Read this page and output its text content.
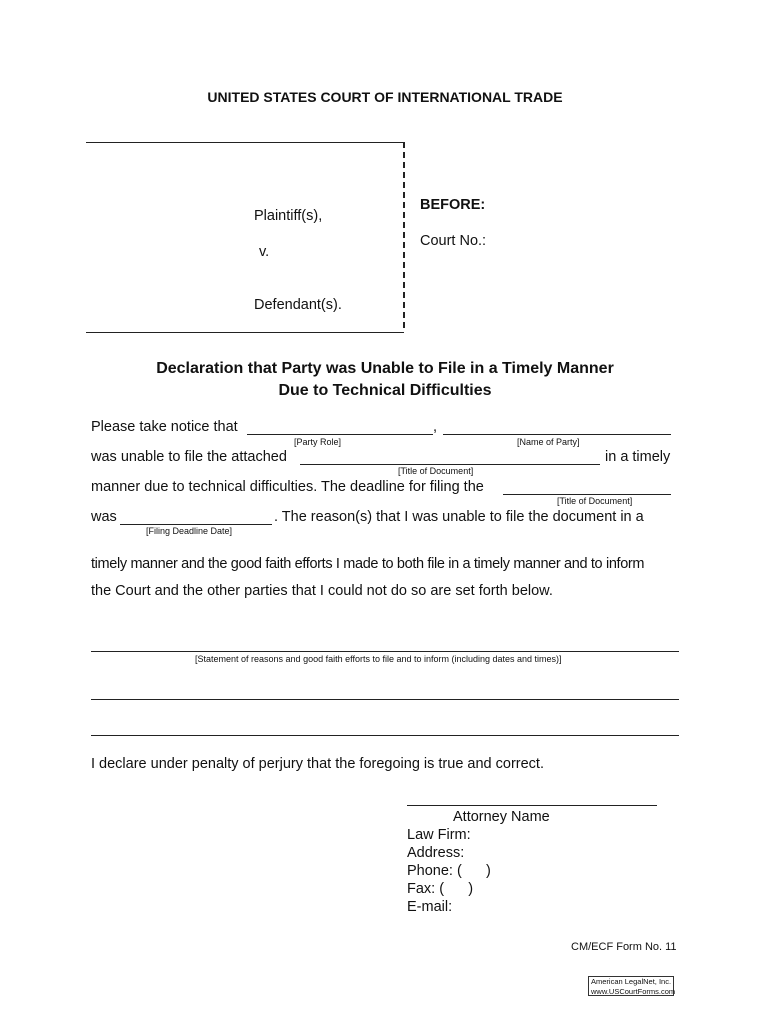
UNITED STATES COURT OF INTERNATIONAL TRADE
Plaintiff(s),
v.
Defendant(s).
BEFORE:
Court No.:
Declaration that Party was Unable to File in a Timely Manner
Due to Technical Difficulties
Please take notice that	,
[Party Role]	[Name of Party]
was unable to file the attached	in a timely
[Title of Document]
manner due to technical difficulties. The deadline for filing the
[Title of Document]
was	. The reason(s) that I was unable to file the document in a
[Filing Deadline Date]
timely manner and the good faith efforts I made to both file in a timely manner and to inform
the Court and the other parties that I could not do so are set forth below.
[Statement of reasons and good faith efforts to file and to inform (including dates and times)]
I declare under penalty of perjury that the foregoing is true and correct.
Attorney Name
Law Firm:
Address:
Phone: (      )
Fax: (      )
E-mail:
CM/ECF Form No. 11
American LegalNet, Inc.
www.USCourtForms.com
